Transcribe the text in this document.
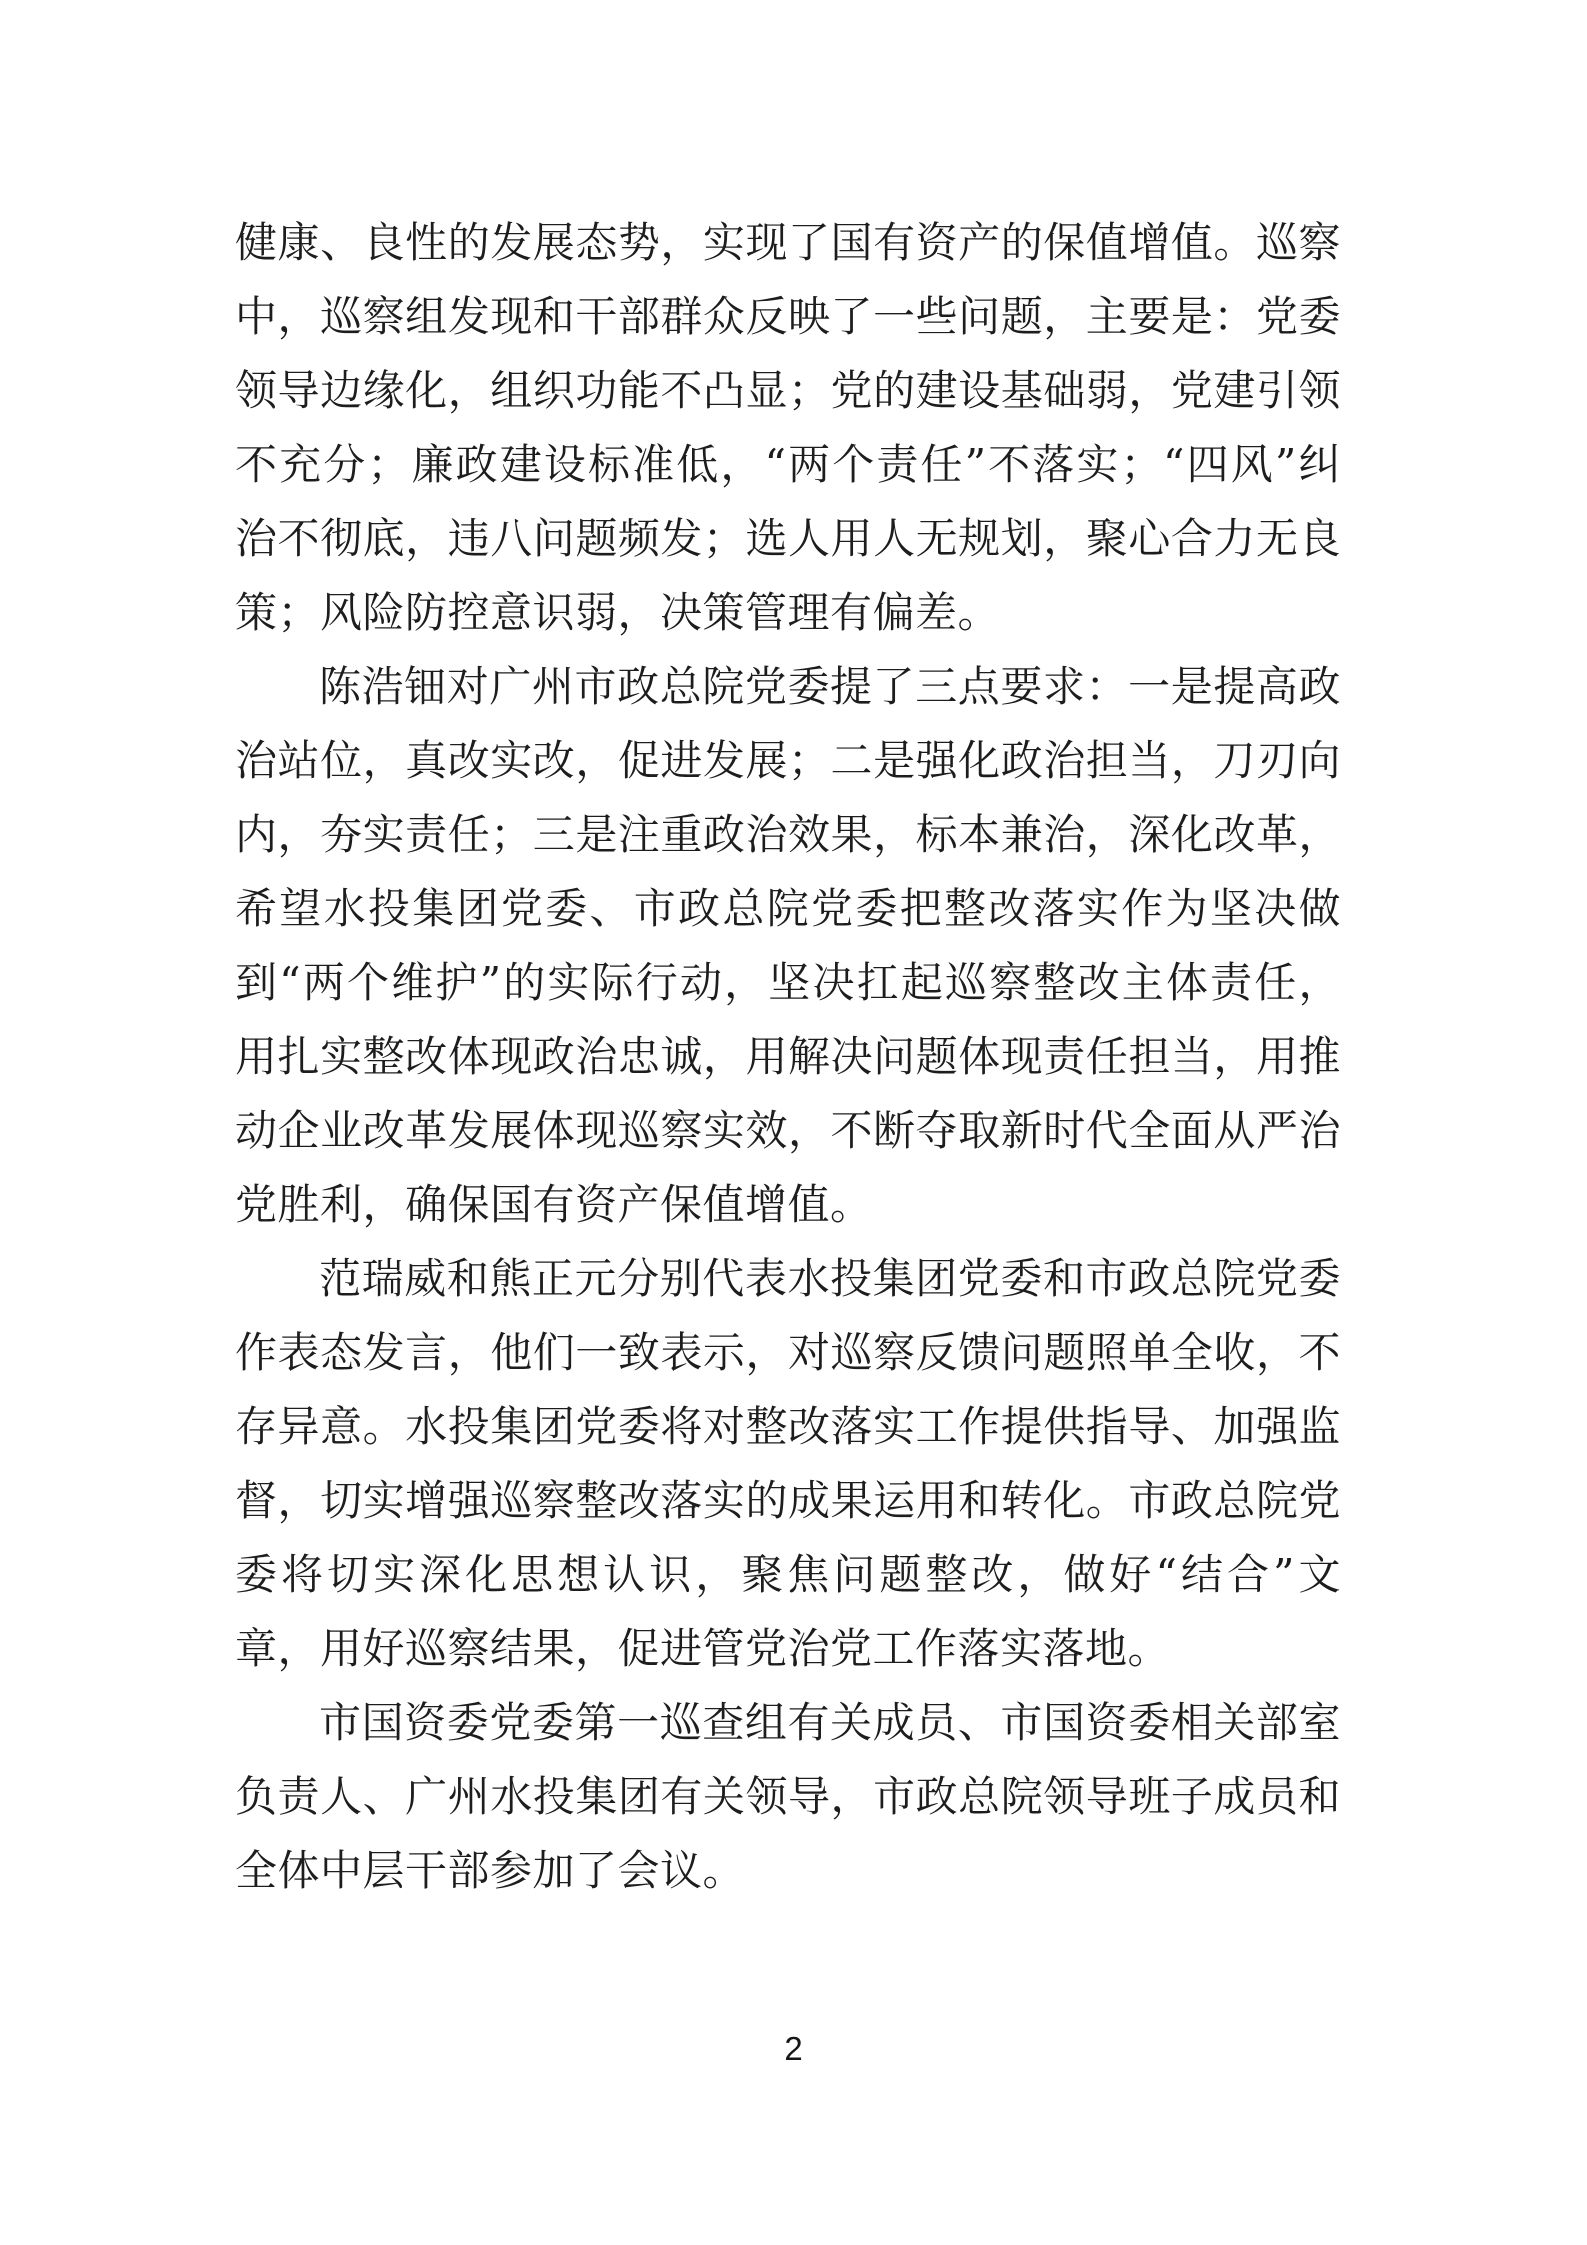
健康、良性的发展态势，实现了国有资产的保值增值。巡察中，巡察组发现和干部群众反映了一些问题，主要是：党委领导边缘化，组织功能不凸显；党的建设基础弱，党建引领不充分；廉政建设标准低，“两个责任”不落实；“四风”纠治不彻底，违八问题频发；选人用人无规划，聚心合力无良策；风险防控意识弱，决策管理有偏差。

陈浩钿对广州市政总院党委提了三点要求：一是提高政治站位，真改实改，促进发展；二是强化政治担当，刀刃向内，夯实责任；三是注重政治效果，标本兼治，深化改革，希望水投集团党委、市政总院党委把整改落实作为坚决做到“两个维护”的实际行动，坚决扛起巡察整改主体责任，用扎实整改体现政治忠诚，用解决问题体现责任担当，用推动企业改革发展体现巡察实效，不断夺取新时代全面从严治党胜利，确保国有资产保值增值。

范瑞威和熊正元分别代表水投集团党委和市政总院党委作表态发言，他们一致表示，对巡察反馈问题照单全收，不存异意。水投集团党委将对整改落实工作提供指导、加强监督，切实增强巡察整改落实的成果运用和转化。市政总院党委将切实深化思想认识，聚焦问题整改，做好“结合”文章，用好巡察结果，促进管党治党工作落实落地。

市国资委党委第一巡查组有关成员、市国资委相关部室负责人、广州水投集团有关领导，市政总院领导班子成员和全体中层干部参加了会议。

2
